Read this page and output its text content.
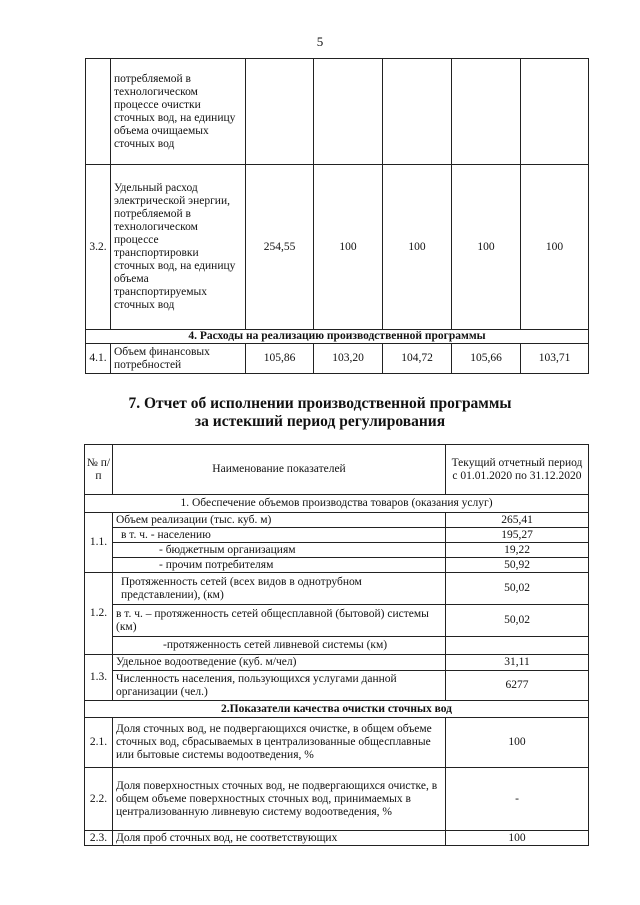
5
	потребляемой в технологическом процессе очистки сточных вод, на единицу объема очищаемых сточных вод					
3.2.	Удельный расход электрической энергии, потребляемой в технологическом процессе транспортировки сточных вод, на единицу объема транспортируемых сточных вод	254,55	100	100	100	100
4. Расходы на реализацию производственной программы						
4.1.	Объем финансовых потребностей	105,86	103,20	104,72	105,66	103,71
7. Отчет об исполнении производственной программы
за истекший период регулирования
№ п/п	Наименование показателей	Текущий отчетный период с 01.01.2020 по 31.12.2020
1. Обеспечение объемов производства товаров (оказания услуг)		
1.1.	Объем реализации (тыс. куб. м)	265,41
	в т. ч. - населению	195,27
	- бюджетным организациям	19,22
	- прочим потребителям	50,92
1.2.	Протяженность сетей (всех видов в однотрубном представлении), (км)	50,02
	в т. ч. – протяженность сетей общесплавной (бытовой) системы (км)	50,02
	-протяженность сетей ливневой системы (км)	
1.3.	Удельное водоотведение (куб. м/чел)	31,11
	Численность населения, пользующихся услугами данной организации (чел.)	6277
2.Показатели качества очистки сточных вод		
2.1.	Доля сточных вод, не подвергающихся очистке, в общем объеме сточных вод, сбрасываемых в централизованные общесплавные или бытовые системы водоотведения, %	100
2.2.	Доля поверхностных сточных вод, не подвергающихся очистке, в общем объеме поверхностных сточных вод, принимаемых в централизованную ливневую систему водоотведения, %	-
2.3.	Доля проб сточных вод, не соответствующих	100
